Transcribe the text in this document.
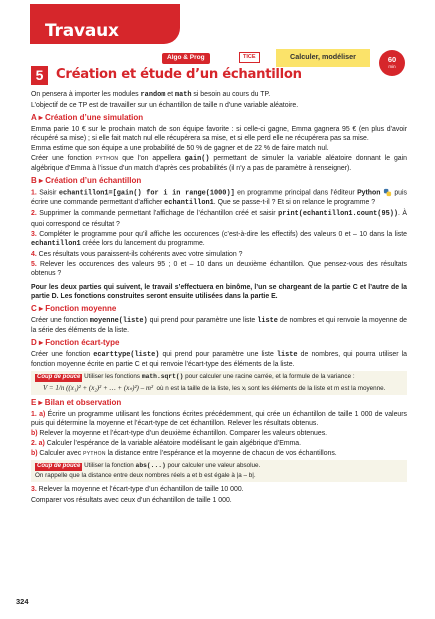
Travaux pratiques	Algo & Prog	TICE	Calculer, modéliser	60
min
5 Création et étude d’un échantillon

On pensera à importer les modules random et math si besoin au cours du TP.

L’objectif de ce TP est de travailler sur un échantillon de taille n d’une variable aléatoire.

A ▸ Création d’une simulation

Emma parie 10 € sur le prochain match de son équipe favorite : si celle-ci gagne, Emma gagnera 95 € (en plus d’avoir récupéré sa mise) ; si elle fait match nul elle récupérera sa mise, et si elle perd elle ne récupérera pas sa mise.

Emma estime que son équipe a une probabilité de 50 % de gagner et de 22 % de faire match nul.

Créer une fonction PYTHON que l’on appellera gain() permettant de simuler la variable aléatoire donnant le gain algébrique d’Emma à l’issue d’un match d’après ces probabilités (il n’y a pas de paramètre à renseigner).

B ▸ Création d’un échantillon

1. Saisir echantillon1=[gain() for i in range(1000)] en programme principal dans l’éditeur Python  puis écrire une commande permettant d’afficher echantillon1. Que se passe-t-il ? Et si on relance le programme ?

2. Supprimer la commande permettant l’affichage de l’échantillon créé et saisir print(echantillon1.count(95)). À quoi correspond ce résultat ?

3. Compléter le programme pour qu’il affiche les occurences (c’est-à-dire les effectifs) des valeurs 0 et – 10 dans la liste echantillon1 créée lors du lancement du programme.

4. Ces résultats vous paraissent-ils cohérents avec votre simulation ?

5. Relever les occurences des valeurs 95 ; 0 et – 10 dans un deuxième échantillon. Que pensez-vous des résultats obtenus ?

Pour les deux parties qui suivent, le travail s’effectuera en binôme, l’un se chargeant de la partie C et l’autre de la partie D. Les fonctions construites seront ensuite utilisées dans la partie E.

C ▸ Fonction moyenne

Créer une fonction moyenne(liste) qui prend pour paramètre une liste liste de nombres et qui renvoie la moyenne de la série des éléments de la liste.

D ▸ Fonction écart-type

Créer une fonction ecarttype(liste) qui prend pour paramètre une liste liste de nombres, qui pourra utiliser la fonction moyenne écrite en partie C et qui renvoie l’écart-type des éléments de la liste.

Coup de pouce Utiliser les fonctions math.sqrt() pour calculer une racine carrée, et la formule de la variance :
V = 1/n ((x₁)² + (x₂)² + … + (xₙ)²) – m² où n est la taille de la liste, les xᵢ sont les éléments de la liste et m est la moyenne.
E ▸ Bilan et observation

1. a) Écrire un programme utilisant les fonctions écrites précédemment, qui crée un échantillon de taille 1 000 de valeurs puis qui détermine la moyenne et l’écart-type de cet échantillon. Relever les résultats obtenus.

b) Relever la moyenne et l’écart-type d’un deuxième échantillon. Comparer les valeurs obtenues.

2. a) Calculer l’espérance de la variable aléatoire modélisant le gain algébrique d’Emma.

b) Calculer avec PYTHON la distance entre l’espérance et la moyenne de chacun de vos échantillons.

Coup de pouce Utiliser la fonction abs(...) pour calculer une valeur absolue.
On rappelle que la distance entre deux nombres réels a et b est égale à |a – b|.

3. Relever la moyenne et l’écart-type d’un échantillon de taille 10 000.

Comparer vos résultats avec ceux d’un échantillon de taille 1 000.

324
